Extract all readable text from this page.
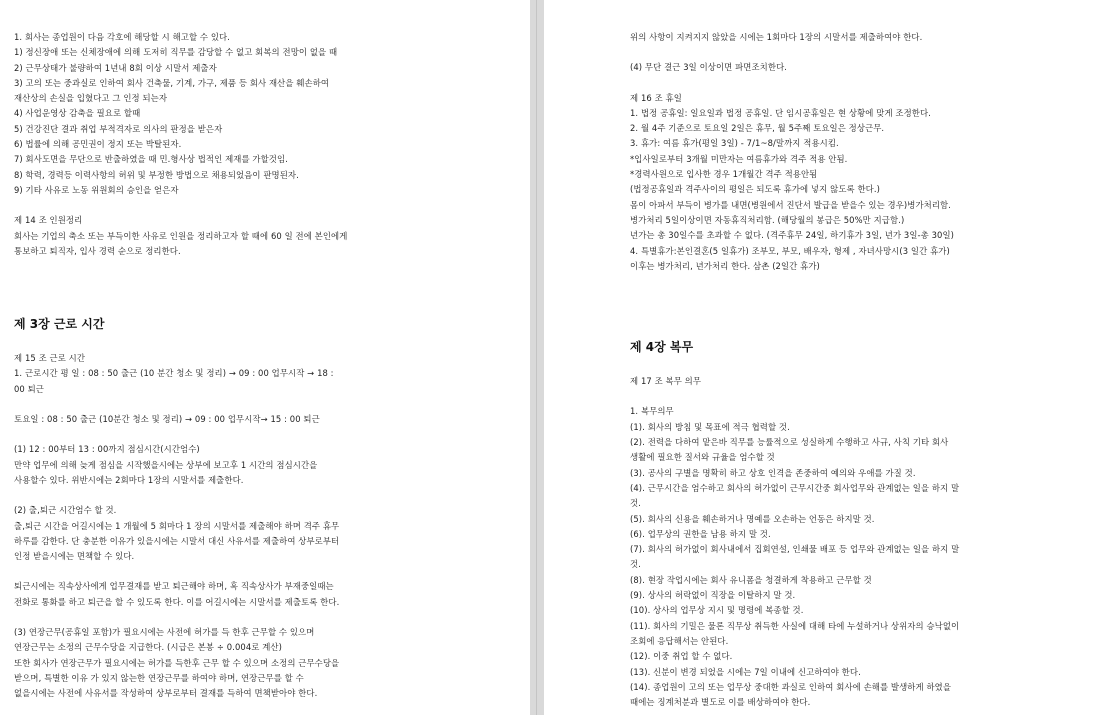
1. 회사는 종업원이 다음 각호에 해당할 시 해고할 수 있다.
1) 정신장애 또는 신체장애에 의해 도저히 직무를 감당할 수 없고 회복의 전망이 없을 때
2) 근무상태가 불량하여 1년내 8회 이상 시말서 제출자
3) 고의 또는 중과실로 인하여 회사 건축물, 기계, 가구, 제품 등 회사 재산을 훼손하여
재산상의 손실을 입혔다고 그 인정 되는자
4) 사업운영상 감축을 필요로 할때
5) 건강진단 결과 취업 부적격자로 의사의 판정을 받은자
6) 법률에 의해 공민권이 정지 또는 박탈된자.
7) 회사도면을 무단으로 반출하였을 때 민.형사상 법적인 제재를 가할것임.
8) 학력, 경력등 이력사항의 허위 및 부정한 방법으로 채용되었음이 판명된자.
9) 기타 사유로 노동 위원회의 승인을 얻은자
제 14 조 인원정리
회사는 기업의 축소 또는 부득이한 사유로 인원을 정리하고자 할 때에 60 일 전에 본인에게
통보하고 퇴직자, 입사 경력 순으로 정리한다.
제 3장 근로 시간
제 15 조 근로 시간
1. 근로시간 평 일 : 08 : 50 출근 (10 분간 청소 및 정리) → 09 : 00 업무시작 → 18 :
00 퇴근
토요일 : 08 : 50 출근 (10분간 청소 및 정리) → 09 : 00 업무시작→ 15 : 00 퇴근
(1) 12 : 00부터 13 : 00까지 점심시간(시간엄수)
만약 업무에 의해 늦게 점심을 시작했을시에는 상부에 보고후 1 시간의 점심시간을
사용할수 있다. 위반시에는 2회마다 1장의 시말서를 제출한다.
(2) 출,퇴근 시간엄수 할 것.
출,퇴근 시간을 어길시에는 1 개월에 5 회마다 1 장의 시말서를 제출해야 하며 격주 휴무
하루를 감한다. 단 충분한 이유가 있을시에는 시말서 대신 사유서를 제출하여 상부로부터
인정 받을시에는 면책할 수 있다.
퇴근시에는 직속상사에게 업무결재를 받고 퇴근해야 하며, 혹 직속상사가 부재중일때는
전화로 통화를 하고 퇴근을 할 수 있도록 한다. 이를 어길시에는 시말서를 제출토록 한다.
(3) 연장근무(공휴일 포함)가 필요시에는 사전에 허가를 득 한후 근무할 수 있으며
연장근무는 소정의 근무수당을 지급한다. (시급은 본봉 ÷ 0.004로 계산)
또한 회사가 연장근무가 필요시에는 허가를 득한후 근무 할 수 있으며 소정의 근무수당을
받으며, 특별한 이유 가 있지 않는한 연장근무를 하여야 하며, 연장근무를 할 수
없을시에는 사전에 사유서를 작성하여 상부로부터 결재를 득하여 면책받아야 한다.
위의 사항이 지켜지지 않았을 시에는 1회마다 1장의 시말서를 제출하여야 한다.
(4) 무단 결근 3일 이상이면 파면조치한다.
제 16 조 휴일
1. 법정 공휴일: 일요일과 법정 공휴일. 단 임시공휴일은 현 상황에 맞게 조정한다.
2. 월 4주 기준으로 토요일 2일은 휴무, 월 5주째 토요일은 정상근무.
3. 휴가: 여름 휴가(평일 3일) - 7/1~8/말까지 적용시킴.
*입사일로부터 3개월 미만자는 여름휴가와 격주 적용 안됨.
*경력사원으로 입사한 경우 1개월간 격주 적용안됨
(법정공휴일과 격주사이의 평일은 되도록 휴가에 넣지 않도록 한다.)
몸이 아파서 부득이 병가를 내면(병원에서 진단서 발급을 받을수 있는 경우)병가처리함.
병가처리 5일이상이면 자동휴직처리함. (해당월의 봉급은 50%만 지급함.)
년가는 총 30일수를 초과할 수 없다. (격주휴무 24일, 하기휴가 3일, 년가 3일-총 30일)
4. 특별휴가:본인결혼(5 일휴가) 조부모, 부모, 배우자, 형제 , 자녀사망시(3 일간 휴가)
이후는 병가처리, 년가처리 한다. 삼촌 (2일간 휴가)
제 4장 복무
제 17 조 복무 의무
1. 복무의무
(1). 회사의 방침 및 목표에 적극 협력할 것.
(2). 전력을 다하여 맡은바 직무를 능률적으로 성실하게 수행하고 사규, 사칙 기타 회사
생활에 필요한 질서와 규율을 엄수할 것
(3). 공사의 구별을 명확히 하고 상호 인격을 존중하여 예의와 우애를 가질 것.
(4). 근무시간을 엄수하고 회사의 허가없이 근무시간중 회사업무와 관계없는 일을 하지 말
것.
(5). 회사의 신용을 훼손하거나 명예를 오손하는 언동은 하지말 것.
(6). 업무상의 권한을 남용 하지 말 것.
(7). 회사의 허가없이 회사내에서 집회연설, 인쇄물 배포 등 업무와 관계없는 일을 하지 말
것.
(8). 현장 작업시에는 회사 유니폼을 청결하게 착용하고 근무할 것
(9). 상사의 허락없이 직장을 이탈하지 말 것.
(10). 상사의 업무상 지시 및 명령에 복종할 것.
(11). 회사의 기밀은 물론 직무상 취득한 사실에 대해 타에 누설하거나 상위자의 승낙없이
조회에 응답해서는 안된다.
(12). 이중 취업 할 수 없다.
(13). 신분이 변경 되었을 시에는 7일 이내에 신고하여야 한다.
(14). 종업원이 고의 또는 업무상 중대한 과실로 인하여 회사에 손해를 발생하게 하였을
때에는 징계처분과 별도로 이를 배상하여야 한다.
